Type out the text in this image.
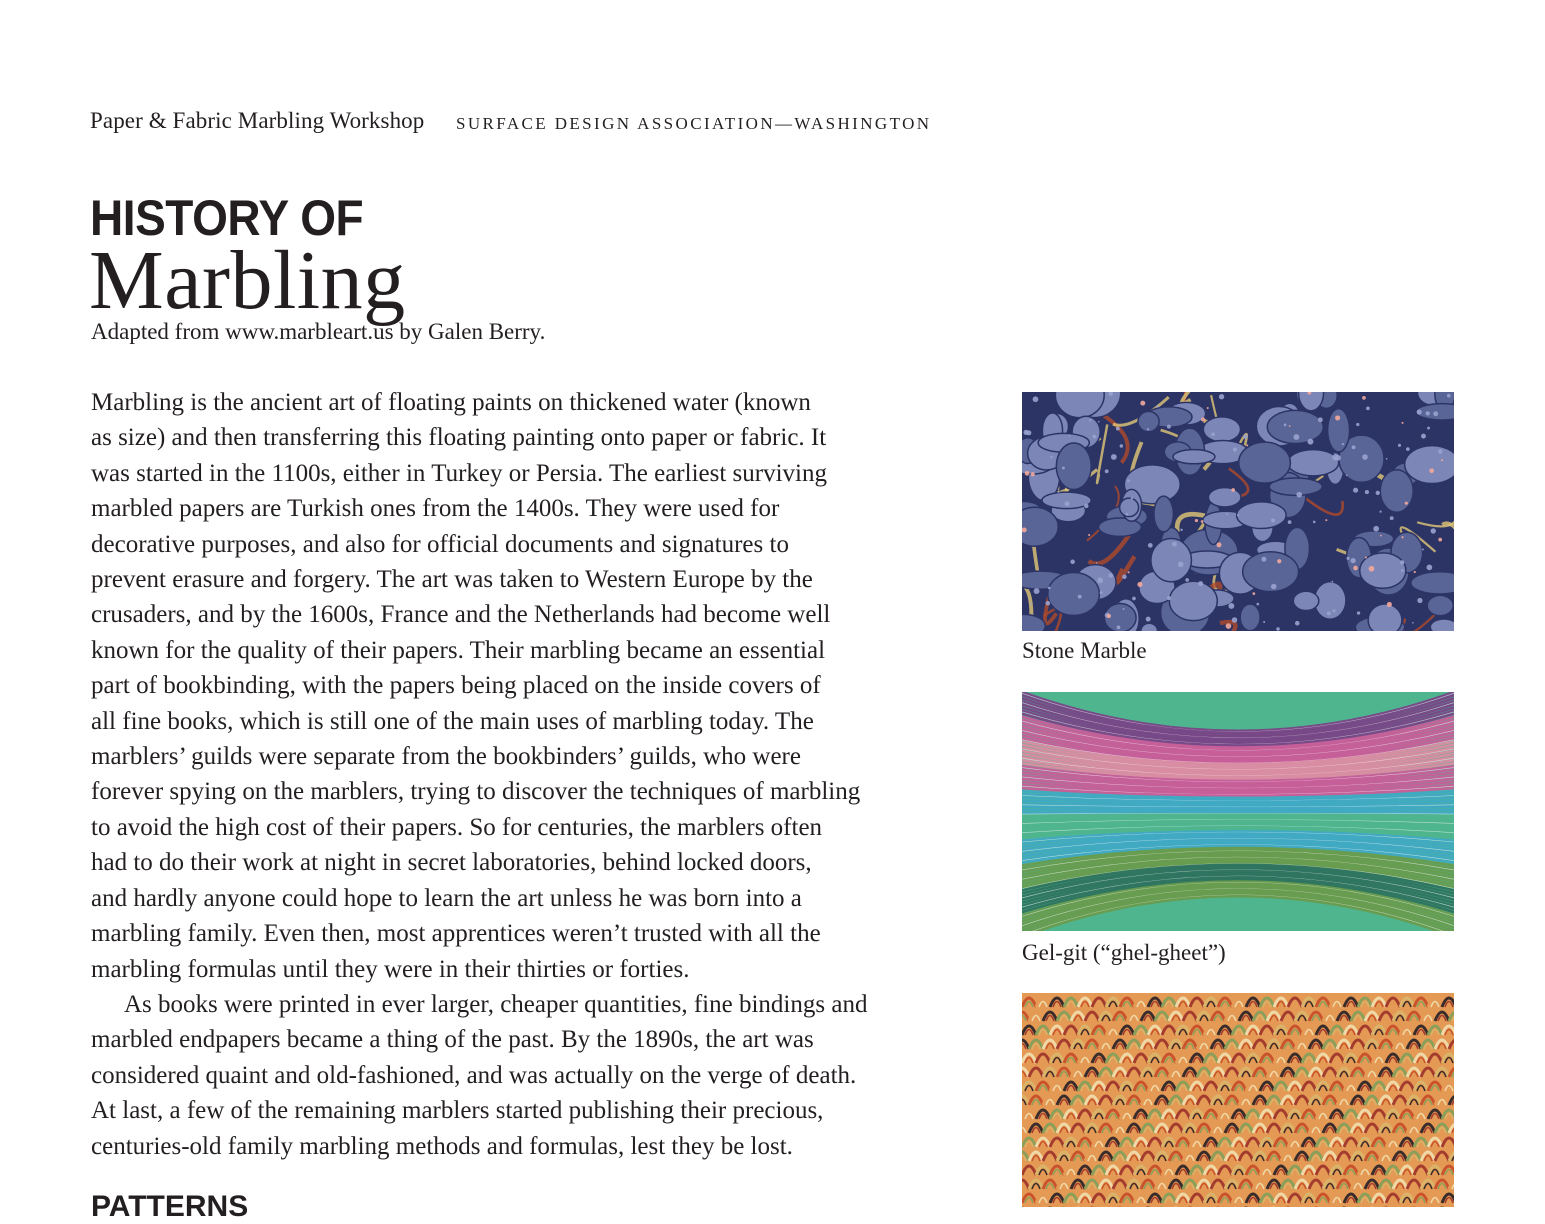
Paper & Fabric Marbling Workshop SURFACE DESIGN ASSOCIATION—WASHINGTON
HISTORY OF
Marbling
Adapted from www.marbleart.us by Galen Berry.
Marbling is the ancient art of floating paints on thickened water (known
as size) and then transferring this floating painting onto paper or fabric. It
was started in the 1100s, either in Turkey or Persia. The earliest surviving
marbled papers are Turkish ones from the 1400s. They were used for
decorative purposes, and also for official documents and signatures to
prevent erasure and forgery. The art was taken to Western Europe by the
crusaders, and by the 1600s, France and the Netherlands had become well
known for the quality of their papers. Their marbling became an essential
part of bookbinding, with the papers being placed on the inside covers of
all fine books, which is still one of the main uses of marbling today. The
marblers’ guilds were separate from the bookbinders’ guilds, who were
forever spying on the marblers, trying to discover the techniques of marbling
to avoid the high cost of their papers. So for centuries, the marblers often
had to do their work at night in secret laboratories, behind locked doors,
and hardly anyone could hope to learn the art unless he was born into a
marbling family. Even then, most apprentices weren’t trusted with all the
marbling formulas until they were in their thirties or forties.
As books were printed in ever larger, cheaper quantities, fine bindings and
marbled endpapers became a thing of the past. By the 1890s, the art was
considered quaint and old-fashioned, and was actually on the verge of death.
At last, a few of the remaining marblers started publishing their precious,
centuries-old family marbling methods and formulas, lest they be lost.
PATTERNS
Stone Marble
Gel-git (“ghel-gheet”)
